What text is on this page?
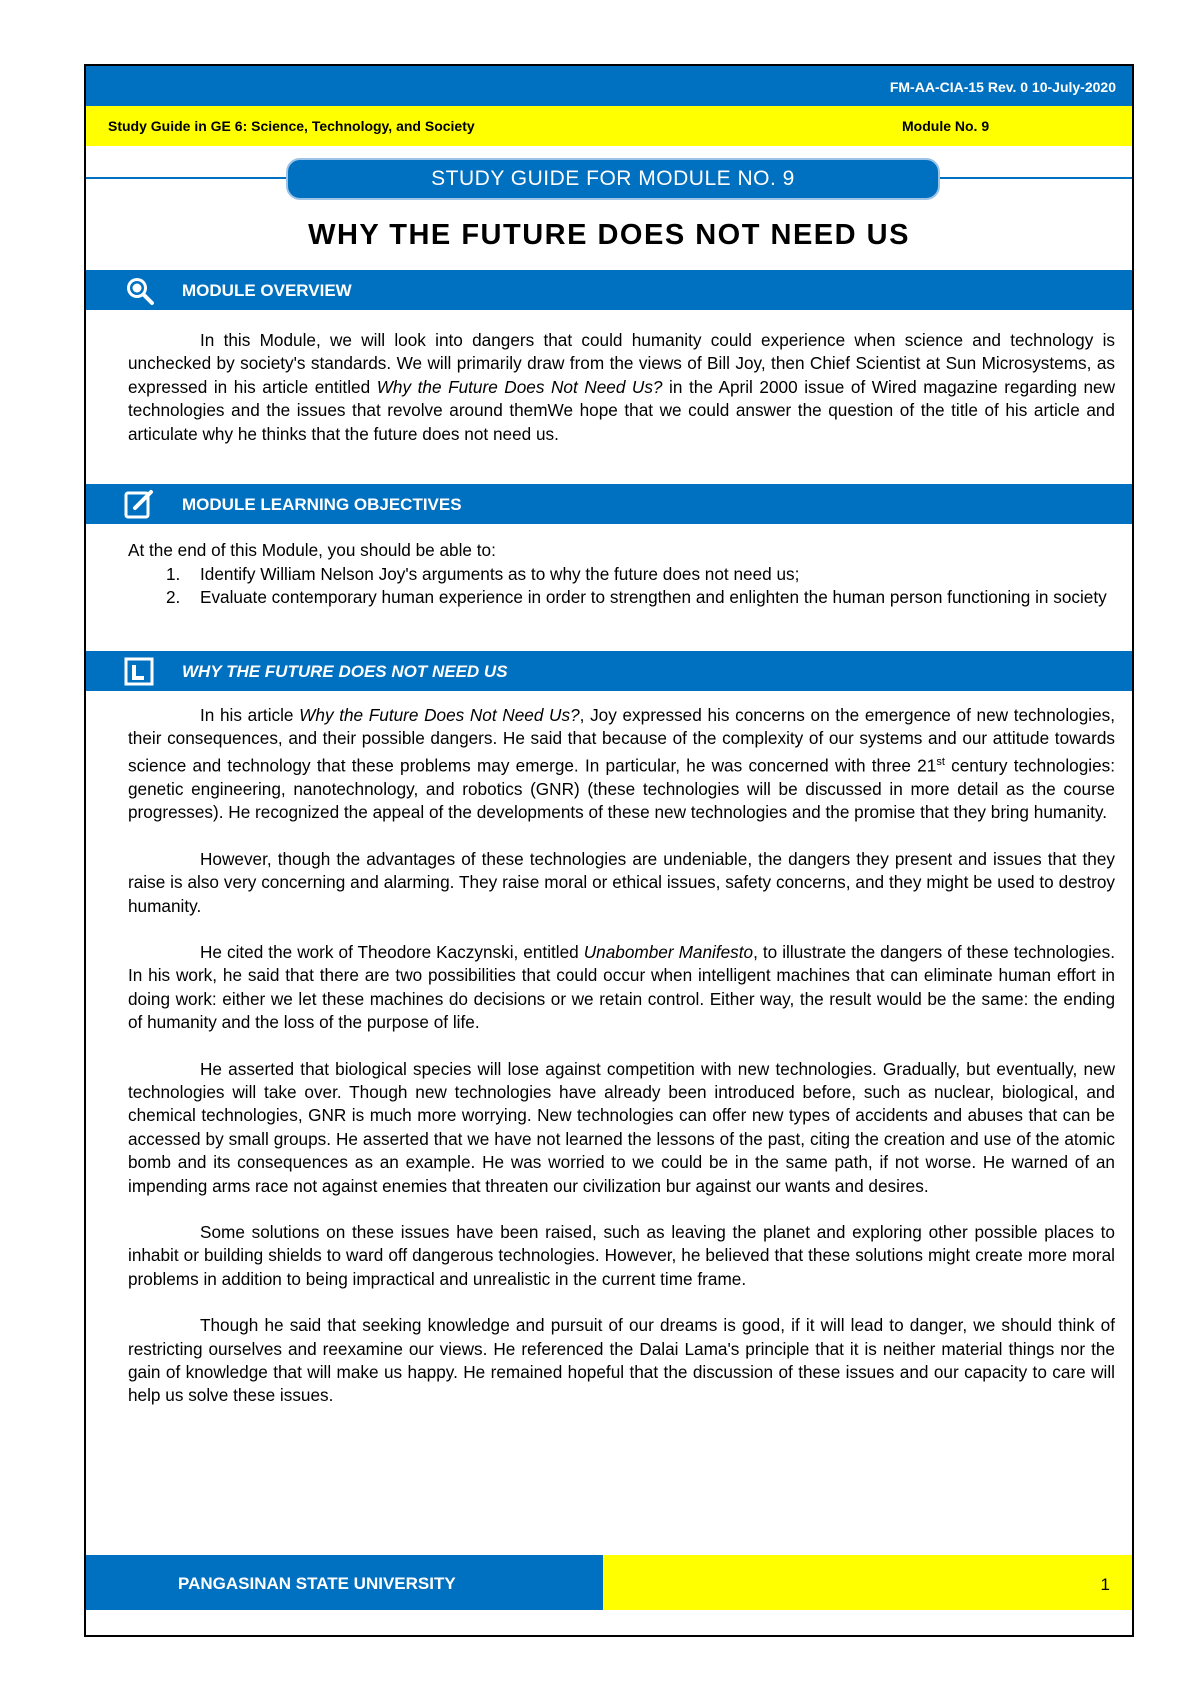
FM-AA-CIA-15 Rev. 0 10-July-2020
Study Guide in GE 6: Science, Technology, and Society	Module No. 9
STUDY GUIDE FOR MODULE NO. 9
WHY THE FUTURE DOES NOT NEED US
MODULE OVERVIEW

In this Module, we will look into dangers that could humanity could experience when science and technology is unchecked by society's standards. We will primarily draw from the views of Bill Joy, then Chief Scientist at Sun Microsystems, as expressed in his article entitled Why the Future Does Not Need Us? in the April 2000 issue of Wired magazine regarding new technologies and the issues that revolve around themWe hope that we could answer the question of the title of his article and articulate why he thinks that the future does not need us.

MODULE LEARNING OBJECTIVES
At the end of this Module, you should be able to:
1.	Identify William Nelson Joy's arguments as to why the future does not need us;
2.	Evaluate contemporary human experience in order to strengthen and enlighten the human person functioning in society
WHY THE FUTURE DOES NOT NEED US

In his article Why the Future Does Not Need Us?, Joy expressed his concerns on the emergence of new technologies, their consequences, and their possible dangers. He said that because of the complexity of our systems and our attitude towards science and technology that these problems may emerge. In particular, he was concerned with three 21st century technologies: genetic engineering, nanotechnology, and robotics (GNR) (these technologies will be discussed in more detail as the course progresses). He recognized the appeal of the developments of these new technologies and the promise that they bring humanity.

However, though the advantages of these technologies are undeniable, the dangers they present and issues that they raise is also very concerning and alarming. They raise moral or ethical issues, safety concerns, and they might be used to destroy humanity.

He cited the work of Theodore Kaczynski, entitled Unabomber Manifesto, to illustrate the dangers of these technologies. In his work, he said that there are two possibilities that could occur when intelligent machines that can eliminate human effort in doing work: either we let these machines do decisions or we retain control. Either way, the result would be the same: the ending of humanity and the loss of the purpose of life.

He asserted that biological species will lose against competition with new technologies. Gradually, but eventually, new technologies will take over. Though new technologies have already been introduced before, such as nuclear, biological, and chemical technologies, GNR is much more worrying. New technologies can offer new types of accidents and abuses that can be accessed by small groups. He asserted that we have not learned the lessons of the past, citing the creation and use of the atomic bomb and its consequences as an example. He was worried to we could be in the same path, if not worse. He warned of an impending arms race not against enemies that threaten our civilization bur against our wants and desires.

Some solutions on these issues have been raised, such as leaving the planet and exploring other possible places to inhabit or building shields to ward off dangerous technologies. However, he believed that these solutions might create more moral problems in addition to being impractical and unrealistic in the current time frame.

Though he said that seeking knowledge and pursuit of our dreams is good, if it will lead to danger, we should think of restricting ourselves and reexamine our views. He referenced the Dalai Lama's principle that it is neither material things nor the gain of knowledge that will make us happy. He remained hopeful that the discussion of these issues and our capacity to care will help us solve these issues.

PANGASINAN STATE UNIVERSITY	1
